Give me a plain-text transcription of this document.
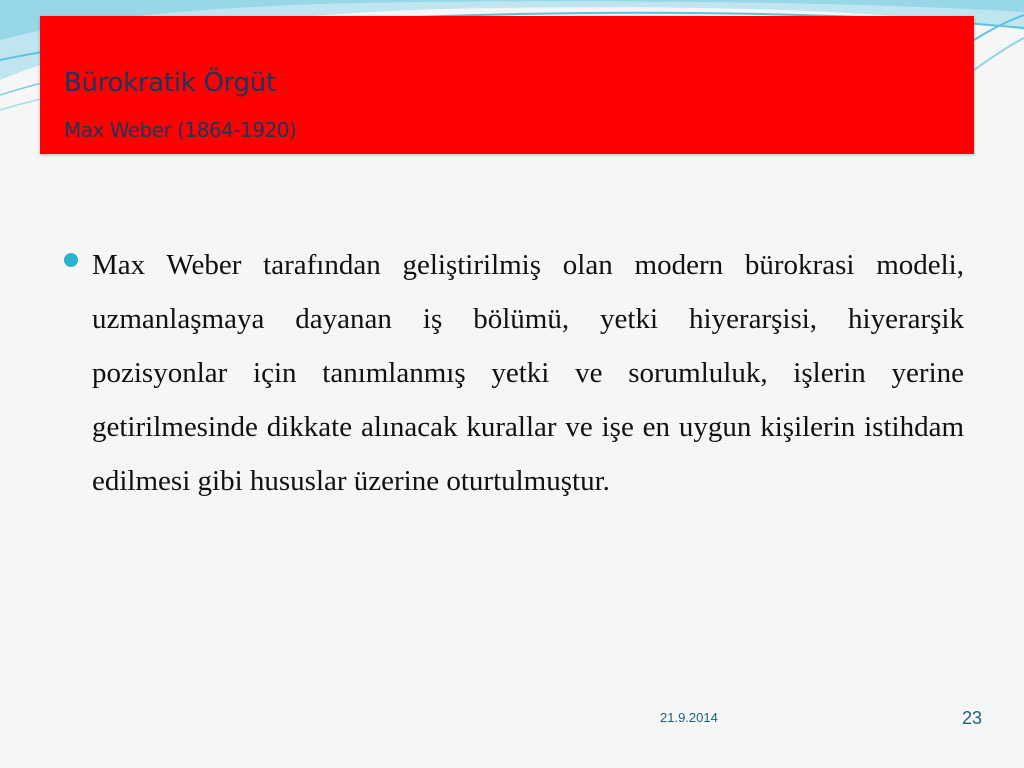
Bürokratik Örgüt
Max Weber (1864-1920)

Max Weber tarafından geliştirilmiş olan modern bürokrasi modeli, uzmanlaşmaya dayanan iş bölümü, yetki hiyerarşisi, hiyerarşik pozisyonlar için tanımlanmış yetki ve sorumluluk, işlerin yerine getirilmesinde dikkate alınacak kurallar ve işe en uygun kişilerin istihdam edilmesi gibi hususlar üzerine oturtulmuştur.

21.9.2014	23
